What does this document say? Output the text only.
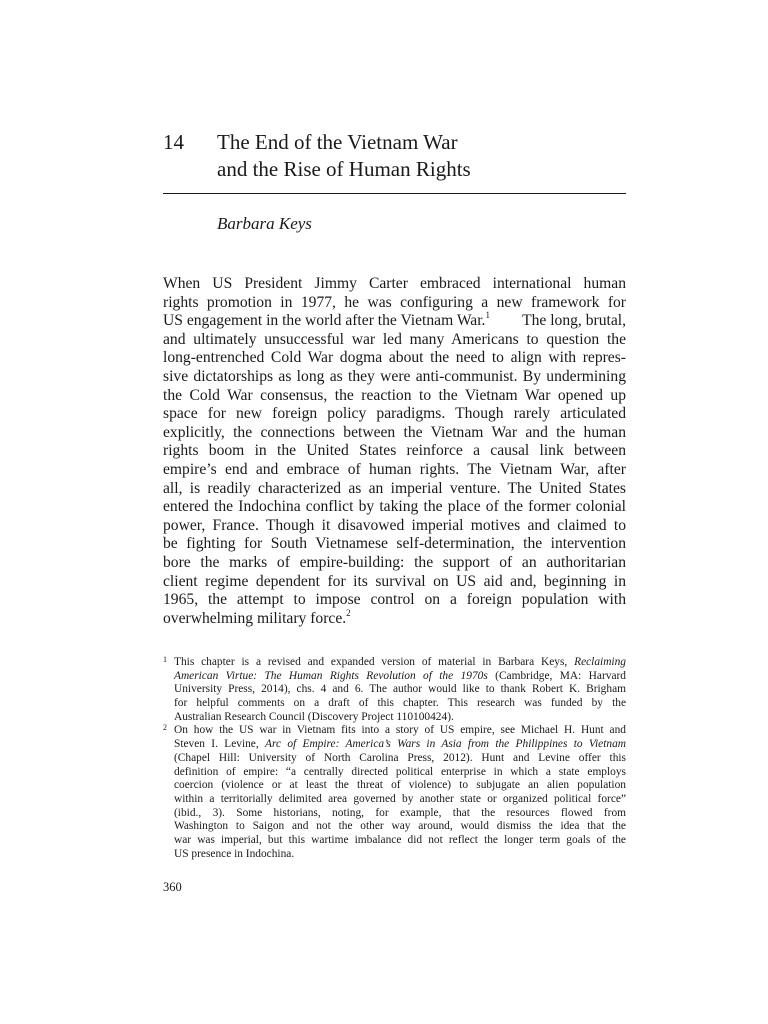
14 The End of the Vietnam War
and the Rise of Human Rights
Barbara Keys
When US President Jimmy Carter embraced international human
rights promotion in 1977, he was configuring a new framework for
US engagement in the world after the Vietnam War.$^1$ The long, brutal,
and ultimately unsuccessful war led many Americans to question the
long-entrenched Cold War dogma about the need to align with repres-
sive dictatorships as long as they were anti-communist. By undermining
the Cold War consensus, the reaction to the Vietnam War opened up
space for new foreign policy paradigms. Though rarely articulated
explicitly, the connections between the Vietnam War and the human
rights boom in the United States reinforce a causal link between
empire’s end and embrace of human rights. The Vietnam War, after
all, is readily characterized as an imperial venture. The United States
entered the Indochina conflict by taking the place of the former colonial
power, France. Though it disavowed imperial motives and claimed to
be fighting for South Vietnamese self-determination, the intervention
bore the marks of empire-building: the support of an authoritarian
client regime dependent for its survival on US aid and, beginning in
1965, the attempt to impose control on a foreign population with
overwhelming military force.$^2$
1 This chapter is a revised and expanded version of material in Barbara Keys, Reclaiming
American Virtue: The Human Rights Revolution of the 1970s (Cambridge, MA: Harvard
University Press, 2014), chs. 4 and 6. The author would like to thank Robert K. Brigham
for helpful comments on a draft of this chapter. This research was funded by the
Australian Research Council (Discovery Project 110100424).
2 On how the US war in Vietnam fits into a story of US empire, see Michael H. Hunt and
Steven I. Levine, Arc of Empire: America’s Wars in Asia from the Philippines to Vietnam
(Chapel Hill: University of North Carolina Press, 2012). Hunt and Levine offer this
definition of empire: “a centrally directed political enterprise in which a state employs
coercion (violence or at least the threat of violence) to subjugate an alien population
within a territorially delimited area governed by another state or organized political force”
(ibid., 3). Some historians, noting, for example, that the resources flowed from
Washington to Saigon and not the other way around, would dismiss the idea that the
war was imperial, but this wartime imbalance did not reflect the longer term goals of the
US presence in Indochina.
360
